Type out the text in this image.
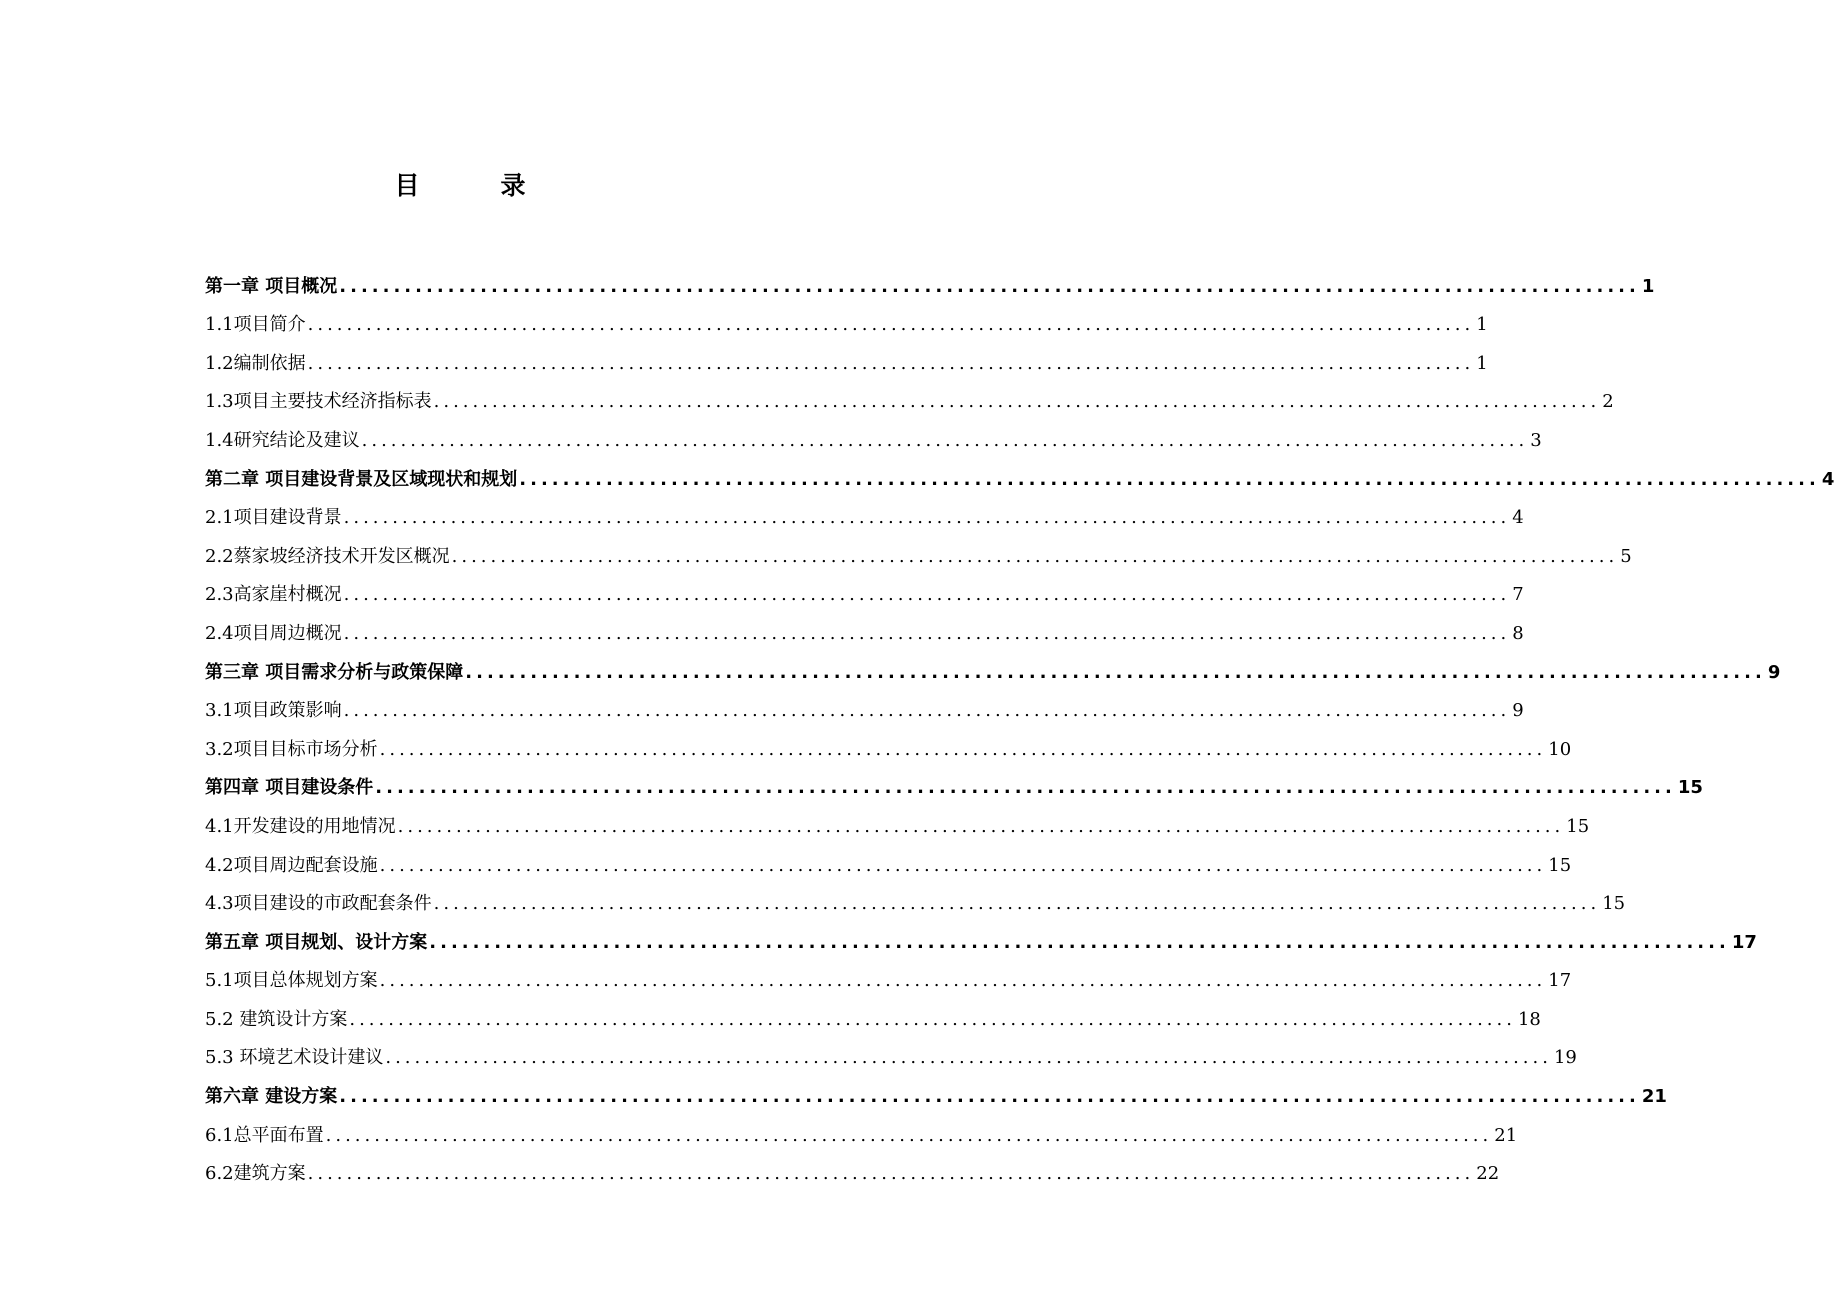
目　录
第一章 项目概况 ........................................................................................................................ 1
1.1项目简介 ........................................................................................................................ 1
1.2编制依据 ........................................................................................................................ 1
1.3项目主要技术经济指标表 ........................................................................................................................ 2
1.4研究结论及建议 ........................................................................................................................ 3
第二章 项目建设背景及区域现状和规划 ........................................................................................................................ 4
2.1项目建设背景 ........................................................................................................................ 4
2.2蔡家坡经济技术开发区概况 ........................................................................................................................ 5
2.3高家崖村概况 ........................................................................................................................ 7
2.4项目周边概况 ........................................................................................................................ 8
第三章 项目需求分析与政策保障 ........................................................................................................................ 9
3.1项目政策影响 ........................................................................................................................ 9
3.2项目目标市场分析 ........................................................................................................................ 10
第四章 项目建设条件 ........................................................................................................................ 15
4.1开发建设的用地情况 ........................................................................................................................ 15
4.2项目周边配套设施 ........................................................................................................................ 15
4.3项目建设的市政配套条件 ........................................................................................................................ 15
第五章 项目规划、设计方案 ........................................................................................................................ 17
5.1项目总体规划方案 ........................................................................................................................ 17
5.2 建筑设计方案 ........................................................................................................................ 18
5.3 环境艺术设计建议 ........................................................................................................................ 19
第六章 建设方案 ........................................................................................................................ 21
6.1总平面布置 ........................................................................................................................ 21
6.2建筑方案 ........................................................................................................................ 22
